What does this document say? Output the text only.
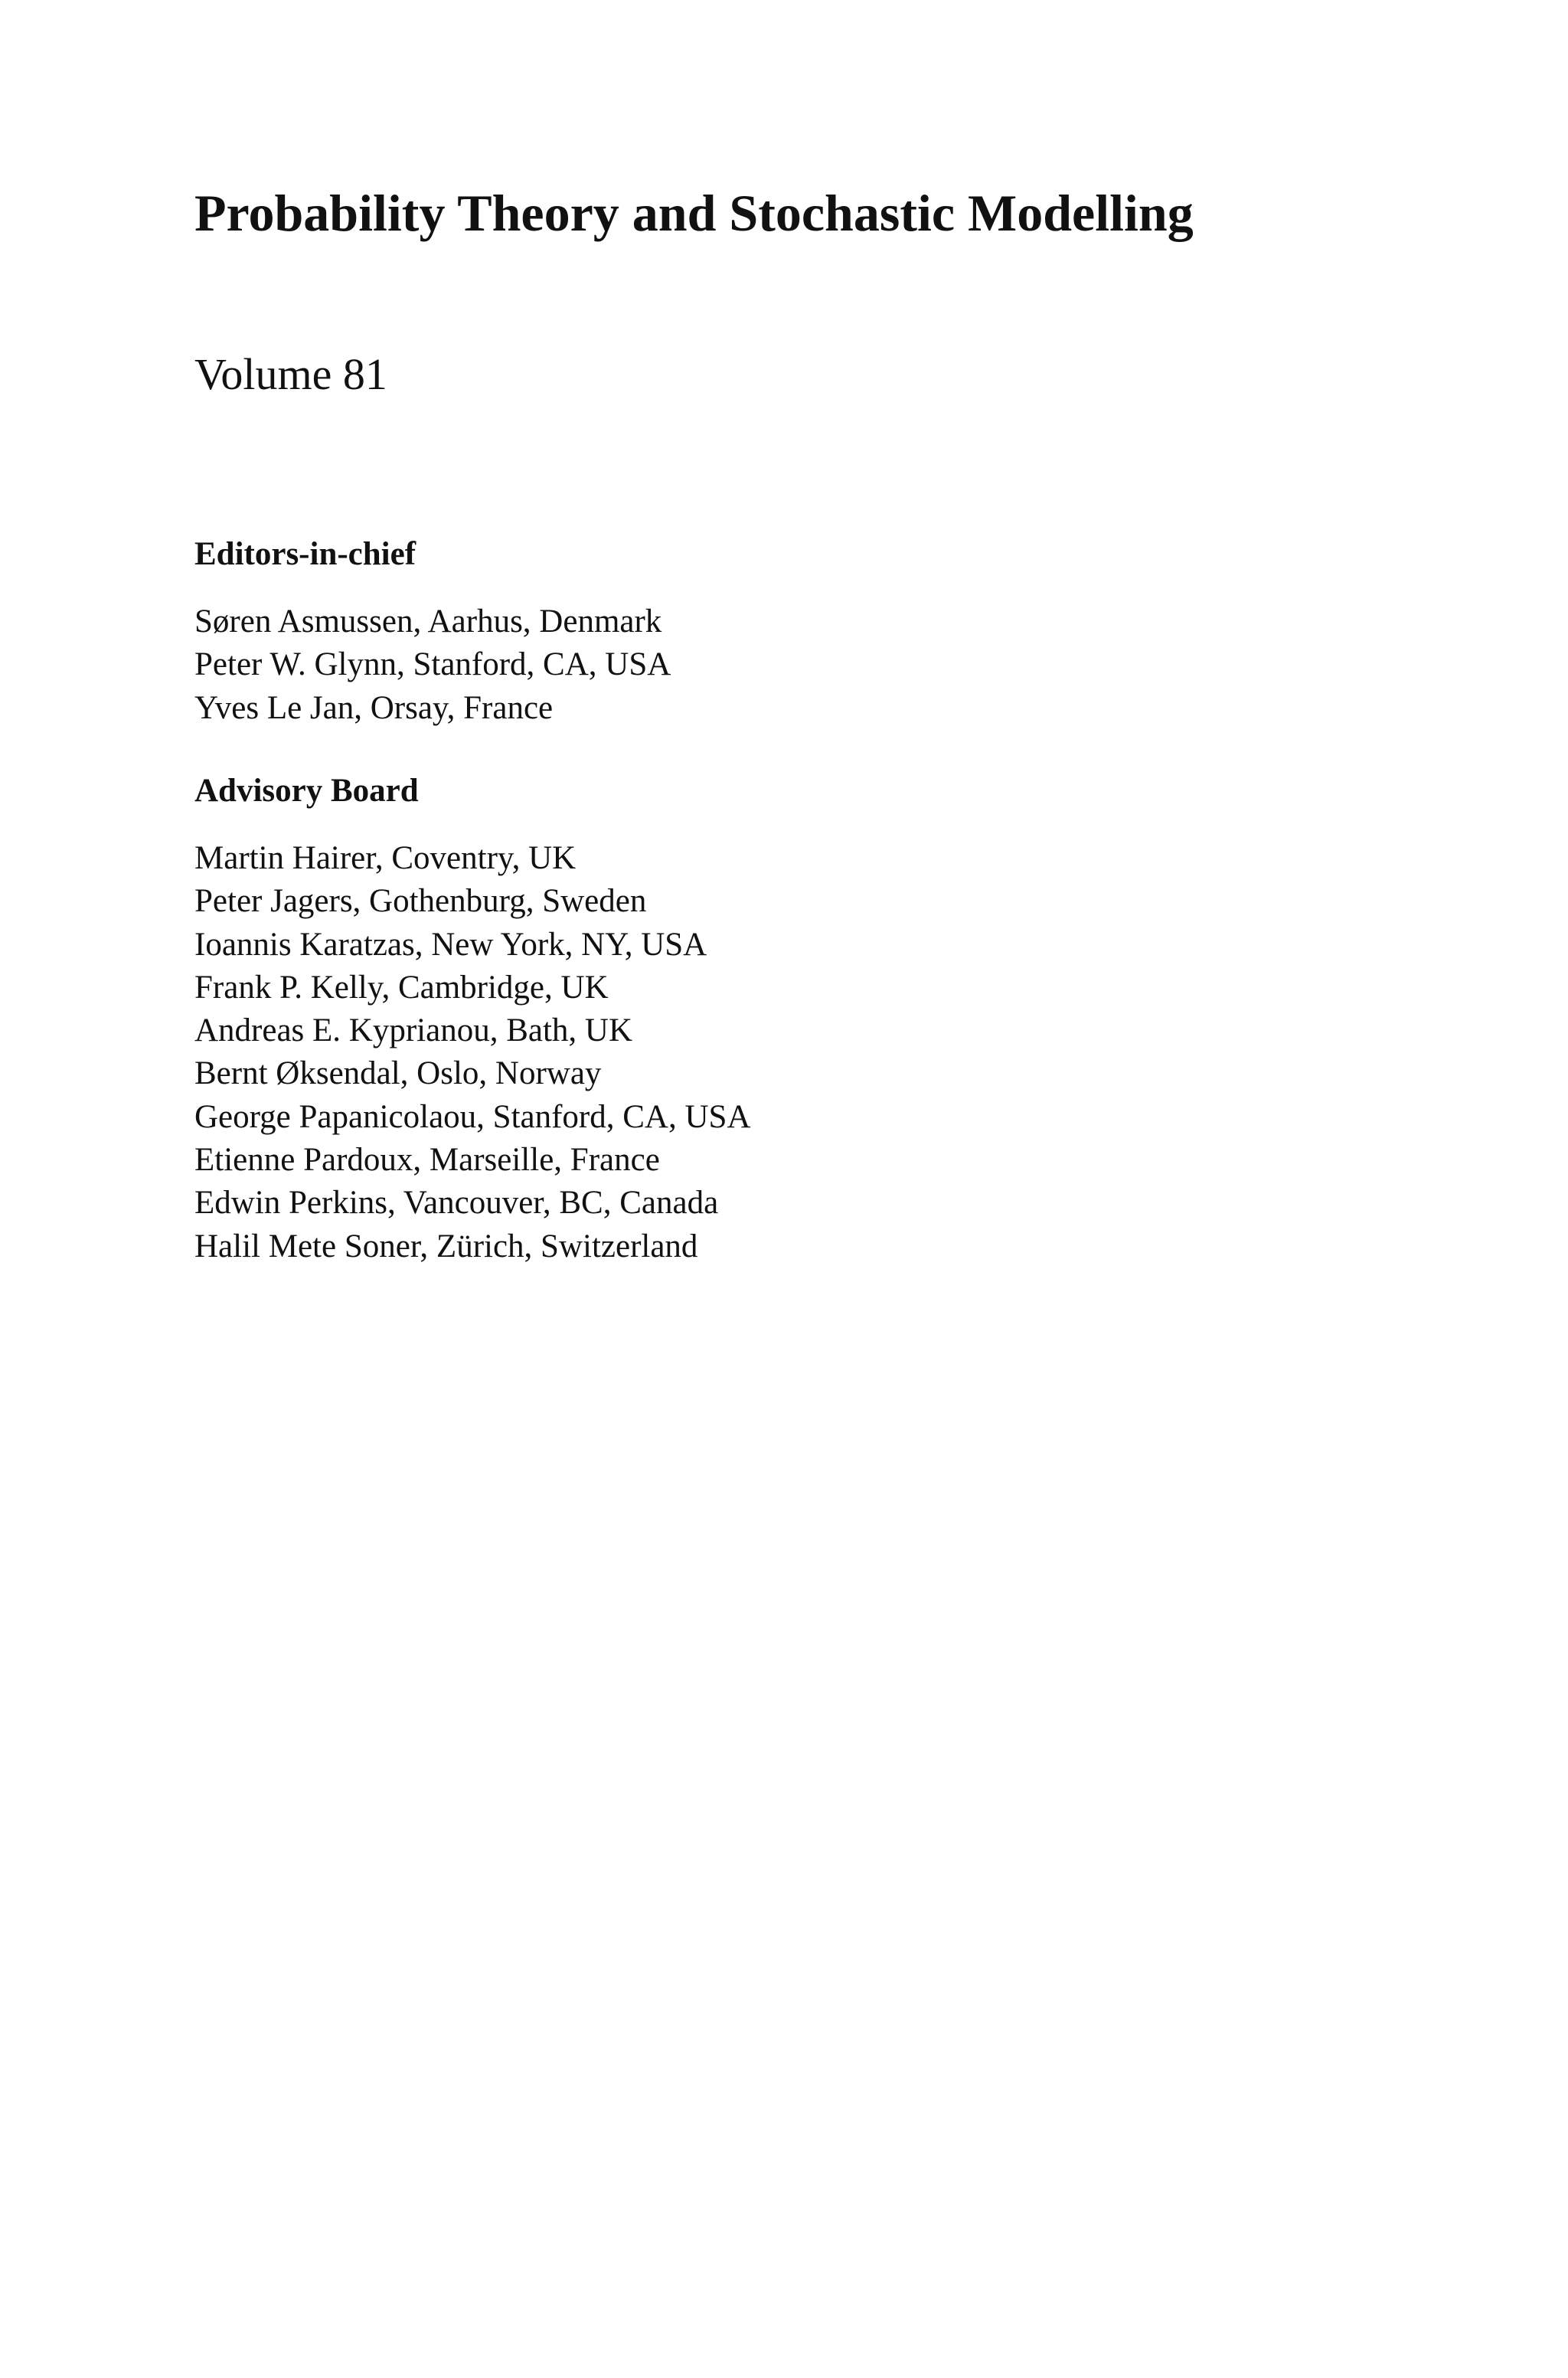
Probability Theory and Stochastic Modelling
Volume 81
Editors-in-chief
Søren Asmussen, Aarhus, Denmark
Peter W. Glynn, Stanford, CA, USA
Yves Le Jan, Orsay, France
Advisory Board
Martin Hairer, Coventry, UK
Peter Jagers, Gothenburg, Sweden
Ioannis Karatzas, New York, NY, USA
Frank P. Kelly, Cambridge, UK
Andreas E. Kyprianou, Bath, UK
Bernt Øksendal, Oslo, Norway
George Papanicolaou, Stanford, CA, USA
Etienne Pardoux, Marseille, France
Edwin Perkins, Vancouver, BC, Canada
Halil Mete Soner, Zürich, Switzerland
